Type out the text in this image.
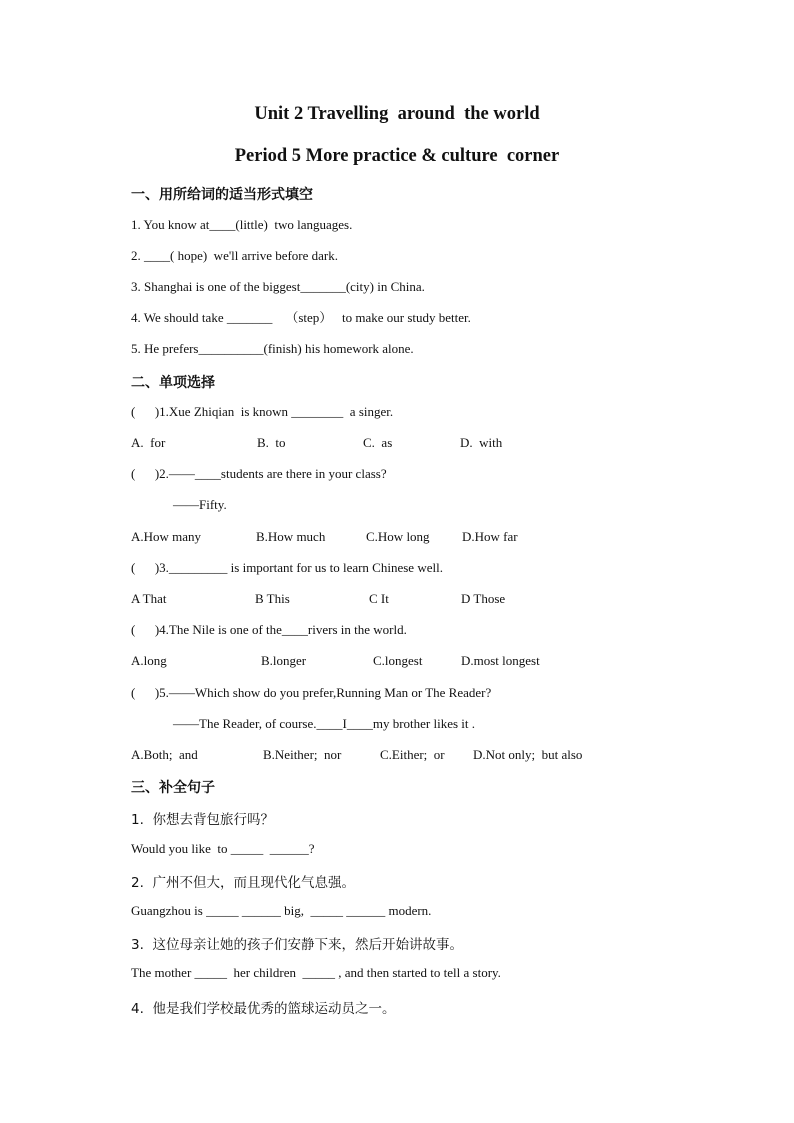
Unit 2 Travelling  around  the world
Period 5 More practice & culture  corner
一、用所给词的适当形式填空
1. You know at____(little)  two languages.
2. ____( hope)  we'll arrive before dark.
3. Shanghai is one of the biggest_______(city) in China.
4. We should take _______    （step）   to make our study better.
5. He prefers__________(finish) his homework alone.
二、单项选择
(      )1.Xue Zhiqian  is known ________  a singer.
A.  for	B.  to	C.  as	D.  with
(      )2.——____students are there in your class?
——Fifty.
A.How many	B.How much	C.How long D.How far
(      )3._________ is important for us to learn Chinese well.
A That	B This	C It	D Those
(      )4.The Nile is one of the____rivers in the world.
A.long	B.longer	C.longest	D.most longest
(      )5.——Which show do you prefer,Running Man or The Reader?
——The Reader, of course.____I____my brother likes it .
A.Both;  and	B.Neither;  nor	C.Either;  or D.Not only;  but also
三、补全句子
1.  你想去背包旅行吗？
Would you like  to _____  ______?
2.  广州不但大，而且现代化气息强。
Guangzhou is _____ ______ big,  _____ ______ modern.
3.  这位母亲让她的孩子们安静下来，然后开始讲故事。
The mother _____  her children  _____ , and then started to tell a story.
4.  他是我们学校最优秀的篮球运动员之一。
